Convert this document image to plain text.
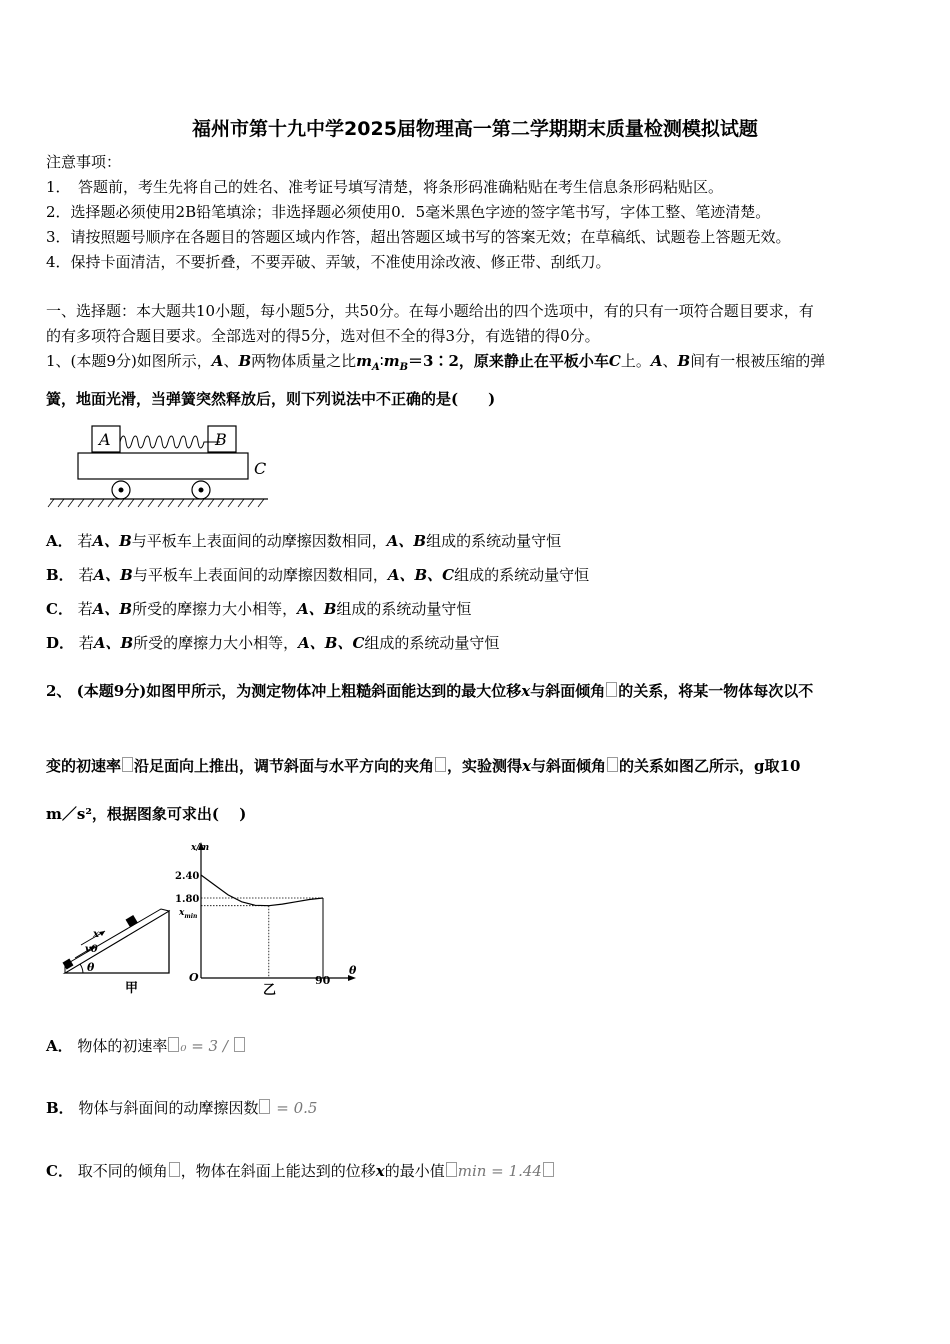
福州市第十九中学2025届物理高一第二学期期末质量检测模拟试题
注意事项：
1．　答题前，考生先将自己的姓名、准考证号填写清楚，将条形码准确粘贴在考生信息条形码粘贴区。
2．选择题必须使用2B铅笔填涂；非选择题必须使用0．5毫米黑色字迹的签字笔书写，字体工整、笔迹清楚。
3．请按照题号顺序在各题目的答题区域内作答，超出答题区域书写的答案无效；在草稿纸、试题卷上答题无效。
4．保持卡面清洁，不要折叠，不要弄破、弄皱，不准使用涂改液、修正带、刮纸刀。
一、选择题：本大题共10小题，每小题5分，共50分。在每小题给出的四个选项中，有的只有一项符合题目要求，有
的有多项符合题目要求。全部选对的得5分，选对但不全的得3分，有选错的得0分。
1、(本题9分)如图所示，A、B两物体质量之比$m_A∶m_B=3∶2$，原来静止在平板小车C上。A、B间有一根被压缩的弹
簧，地面光滑，当弹簧突然释放后，则下列说法中不正确的是(　　)
A	B
C
A． 若A、B与平板车上表面间的动摩擦因数相同，A、B组成的系统动量守恒
B． 若A、B与平板车上表面间的动摩擦因数相同，A、B、C组成的系统动量守恒
C． 若A、B所受的摩擦力大小相等，A、B组成的系统动量守恒
D． 若A、B所受的摩擦力大小相等，A、B、C组成的系统动量守恒
2、 (本题9分)如图甲所示，为测定物体冲上粗糙斜面能达到的最大位移x与斜面倾角 的关系，将某一物体每次以不
变的初速率 沿足面向上推出，调节斜面与水平方向的夹角 ，实验测得x与斜面倾角 的关系如图乙所示，g取10
m／s²，根据图象可求出(　 )
x
v0
θ
甲
x/m
θ
O	90
2.40
1.80
$x_{min}$
乙
A． 物体的初速率 ₀ = 3 /
B． 物体与斜面间的动摩擦因数 = 0.5
C． 取不同的倾角 ，物体在斜面上能达到的位移x的最小值 min = 1.44
